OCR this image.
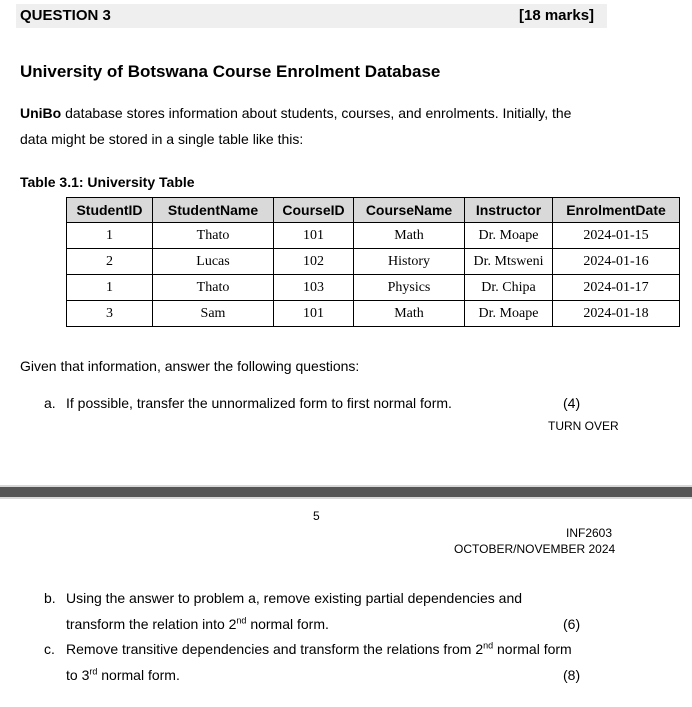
QUESTION 3	[18 marks]
University of Botswana Course Enrolment Database
UniBo database stores information about students, courses, and enrolments. Initially, the
data might be stored in a single table like this:
Table 3.1: University Table
StudentID	StudentName	CourseID	CourseName	Instructor	EnrolmentDate
1	Thato	101	Math	Dr. Moape	2024-01-15
2	Lucas	102	History	Dr. Mtsweni	2024-01-16
1	Thato	103	Physics	Dr. Chipa	2024-01-17
3	Sam	101	Math	Dr. Moape	2024-01-18
Given that information, answer the following questions:
a. If possible, transfer the unnormalized form to first normal form.	(4)
TURN OVER
5
INF2603
OCTOBER/NOVEMBER 2024
b. Using the answer to problem a, remove existing partial dependencies and
transform the relation into 2nd normal form.	(6)
c. Remove transitive dependencies and transform the relations from 2nd normal form
to 3rd normal form.	(8)
